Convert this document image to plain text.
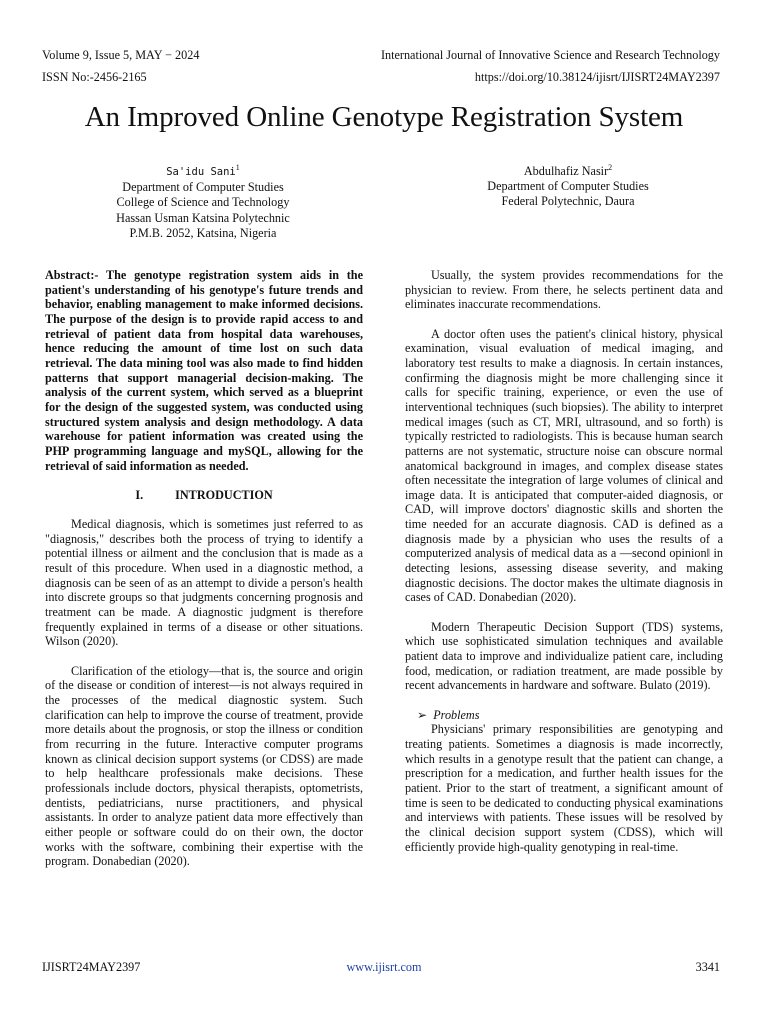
Volume 9, Issue 5, MAY − 2024
ISSN No:-2456-2165
International Journal of Innovative Science and Research Technology
https://doi.org/10.38124/ijisrt/IJISRT24MAY2397
An Improved Online Genotype Registration System
Sa'idu Sani$^1$
Department of Computer Studies
College of Science and Technology
Hassan Usman Katsina Polytechnic
P.M.B. 2052, Katsina, Nigeria
Abdulhafiz Nasir$^2$
Department of Computer Studies
Federal Polytechnic, Daura

Abstract:- The genotype registration system aids in the patient's understanding of his genotype's future trends and behavior, enabling management to make informed decisions. The purpose of the design is to provide rapid access to and retrieval of patient data from hospital data warehouses, hence reducing the amount of time lost on such data retrieval. The data mining tool was also made to find hidden patterns that support managerial decision-making. The analysis of the current system, which served as a blueprint for the design of the suggested system, was conducted using structured system analysis and design methodology. A data warehouse for patient information was created using the PHP programming language and mySQL, allowing for the retrieval of said information as needed.

I.	INTRODUCTION

Medical diagnosis, which is sometimes just referred to as "diagnosis," describes both the process of trying to identify a potential illness or ailment and the conclusion that is made as a result of this procedure. When used in a diagnostic method, a diagnosis can be seen of as an attempt to divide a person's health into discrete groups so that judgments concerning prognosis and treatment can be made. A diagnostic judgment is therefore frequently explained in terms of a disease or other situations. Wilson (2020).

Clarification of the etiology―that is, the source and origin of the disease or condition of interest―is not always required in the processes of the medical diagnostic system. Such clarification can help to improve the course of treatment, provide more details about the prognosis, or stop the illness or condition from recurring in the future. Interactive computer programs known as clinical decision support systems (or CDSS) are made to help healthcare professionals make decisions. These professionals include doctors, physical therapists, optometrists, dentists, pediatricians, nurse practitioners, and physical assistants. In order to analyze patient data more effectively than either people or software could do on their own, the doctor works with the software, combining their expertise with the program. Donabedian (2020).

Usually, the system provides recommendations for the physician to review. From there, he selects pertinent data and eliminates inaccurate recommendations.

A doctor often uses the patient's clinical history, physical examination, visual evaluation of medical imaging, and laboratory test results to make a diagnosis. In certain instances, confirming the diagnosis might be more challenging since it calls for specific training, experience, or even the use of interventional techniques (such biopsies). The ability to interpret medical images (such as CT, MRI, ultrasound, and so forth) is typically restricted to radiologists. This is because human search patterns are not systematic, structure noise can obscure normal anatomical background in images, and complex disease states often necessitate the integration of large volumes of clinical and image data. It is anticipated that computer-aided diagnosis, or CAD, will improve doctors' diagnostic skills and shorten the time needed for an accurate diagnosis. CAD is defined as a diagnosis made by a physician who uses the results of a computerized analysis of medical data as a ―second opinion‖ in detecting lesions, assessing disease severity, and making diagnostic decisions. The doctor makes the ultimate diagnosis in cases of CAD. Donabedian (2020).

Modern Therapeutic Decision Support (TDS) systems, which use sophisticated simulation techniques and available patient data to improve and individualize patient care, including food, medication, or radiation treatment, are made possible by recent advancements in hardware and software. Bulato (2019).

➢ Problems

Physicians' primary responsibilities are genotyping and treating patients. Sometimes a diagnosis is made incorrectly, which results in a genotype result that the patient can change, a prescription for a medication, and further health issues for the patient. Prior to the start of treatment, a significant amount of time is seen to be dedicated to conducting physical examinations and interviews with patients. These issues will be resolved by the clinical decision support system (CDSS), which will efficiently provide high-quality genotyping in real-time.

IJISRT24MAY2397	www.ijisrt.com	3341
